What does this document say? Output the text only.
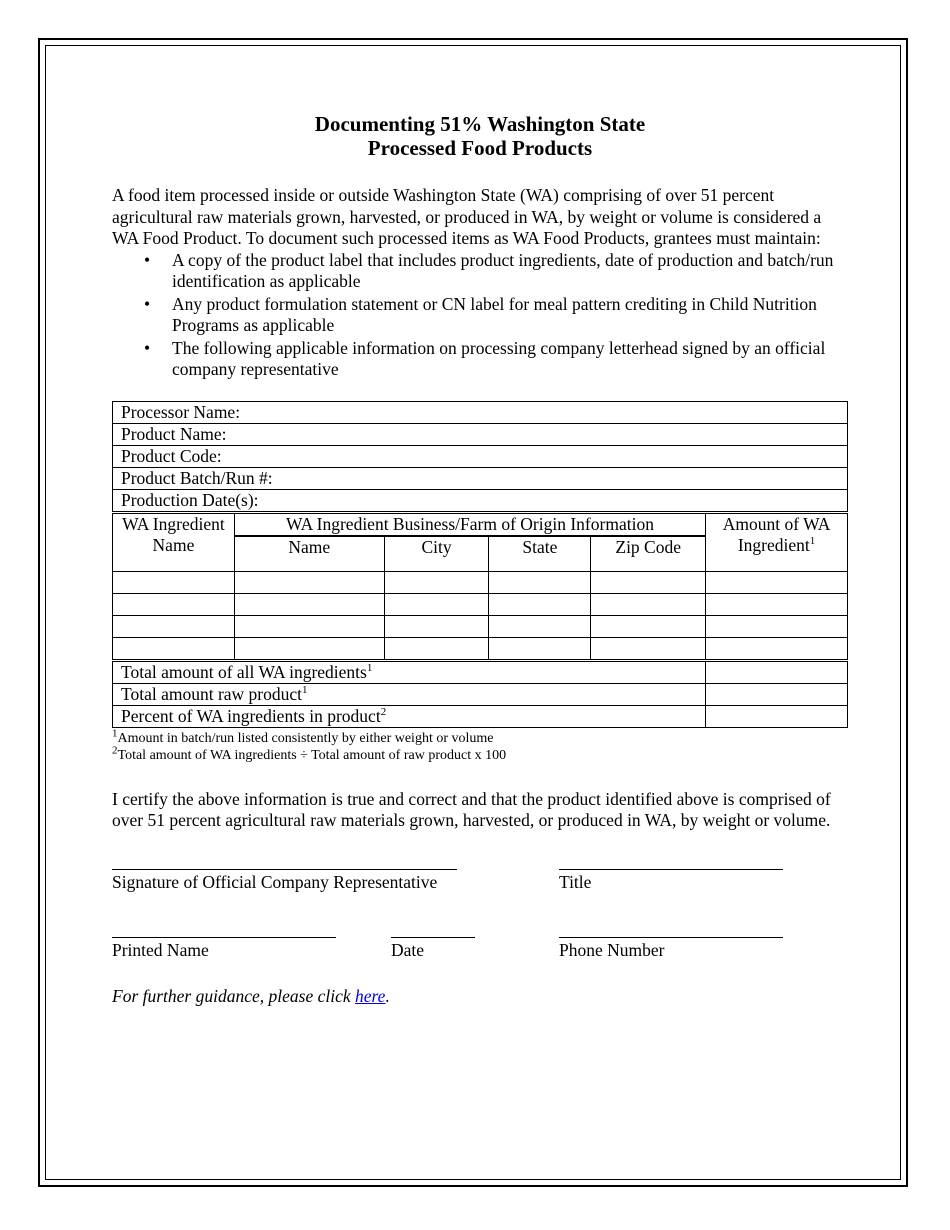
Documenting 51% Washington State
Processed Food Products
A food item processed inside or outside Washington State (WA) comprising of over 51 percent agricultural raw materials grown, harvested, or produced in WA, by weight or volume is considered a WA Food Product. To document such processed items as WA Food Products, grantees must maintain:
• A copy of the product label that includes product ingredients, date of production and batch/run identification as applicable
• Any product formulation statement or CN label for meal pattern crediting in Child Nutrition Programs as applicable
• The following applicable information on processing company letterhead signed by an official company representative
Processor Name:					
Product Name:					
Product Code:					
Product Batch/Run #:					
Production Date(s):					
WA Ingredient Name	WA Ingredient Business/Farm of Origin Information				Amount of WA Ingredient$^1$
	Name	City	State	Zip Code	

Total amount of all WA ingredients$^1$	
Total amount raw product$^1$	
Percent of WA ingredients in product$^2$	
$^1$Amount in batch/run listed consistently by either weight or volume
$^2$Total amount of WA ingredients ÷ Total amount of raw product x 100
I certify the above information is true and correct and that the product identified above is comprised of over 51 percent agricultural raw materials grown, harvested, or produced in WA, by weight or volume.
Signature of Official Company Representative	Title
Printed Name	Date	Phone Number
For further guidance, please click here.
